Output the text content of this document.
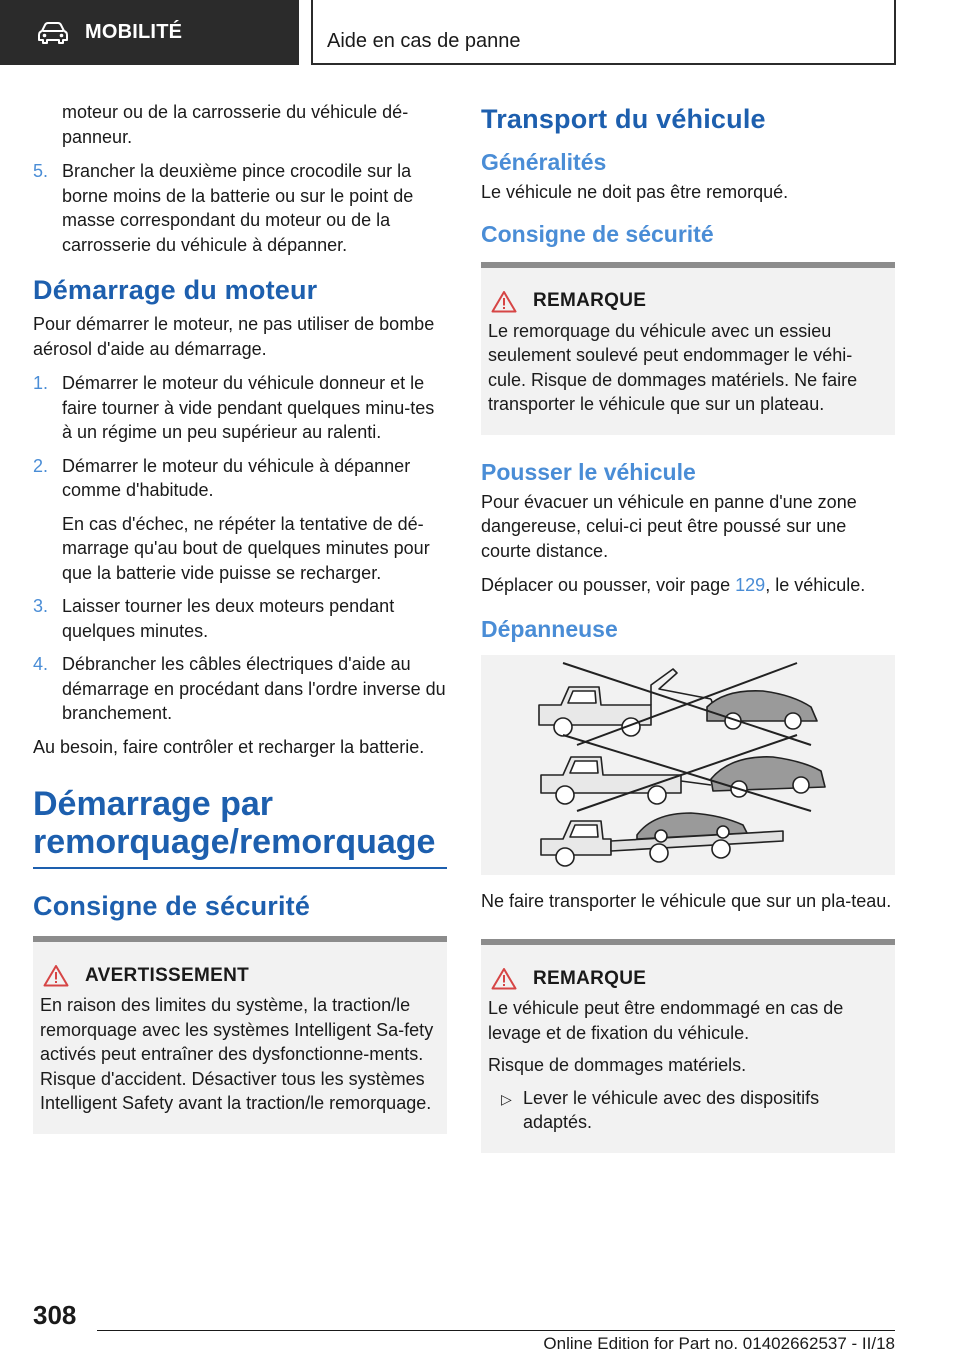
MOBILITÉ	Aide en cas de panne

moteur ou de la carrosserie du véhicule dé-panneur.

5. Brancher la deuxième pince crocodile sur la borne moins de la batterie ou sur le point de masse correspondant du moteur ou de la carrosserie du véhicule à dépanner.
Démarrage du moteur

Pour démarrer le moteur, ne pas utiliser de bombe aérosol d'aide au démarrage.

1. Démarrer le moteur du véhicule donneur et le faire tourner à vide pendant quelques minu-tes à un régime un peu supérieur au ralenti.
2. Démarrer le moteur du véhicule à dépanner comme d'habitude.
En cas d'échec, ne répéter la tentative de dé-marrage qu'au bout de quelques minutes pour que la batterie vide puisse se recharger.
3. Laisser tourner les deux moteurs pendant quelques minutes.
4. Débrancher les câbles électriques d'aide au démarrage en procédant dans l'ordre inverse du branchement.

Au besoin, faire contrôler et recharger la batterie.

Démarrage par remorquage/remorquage
Consigne de sécurité
AVERTISSEMENT

En raison des limites du système, la traction/le remorquage avec les systèmes Intelligent Sa-fety activés peut entraîner des dysfonctionne-ments. Risque d'accident. Désactiver tous les systèmes Intelligent Safety avant la traction/le remorquage.

Transport du véhicule
Généralités

Le véhicule ne doit pas être remorqué.

Consigne de sécurité
REMARQUE

Le remorquage du véhicule avec un essieu seulement soulevé peut endommager le véhi-cule. Risque de dommages matériels. Ne faire transporter le véhicule que sur un plateau.

Pousser le véhicule

Pour évacuer un véhicule en panne d'une zone dangereuse, celui-ci peut être poussé sur une courte distance.

Déplacer ou pousser, voir page 129, le véhicule.

Dépanneuse

Ne faire transporter le véhicule que sur un pla-teau.

REMARQUE

Le véhicule peut être endommagé en cas de levage et de fixation du véhicule.

Risque de dommages matériels.

▷ Lever le véhicule avec des dispositifs adaptés.
308
Online Edition for Part no. 01402662537 - II/18
